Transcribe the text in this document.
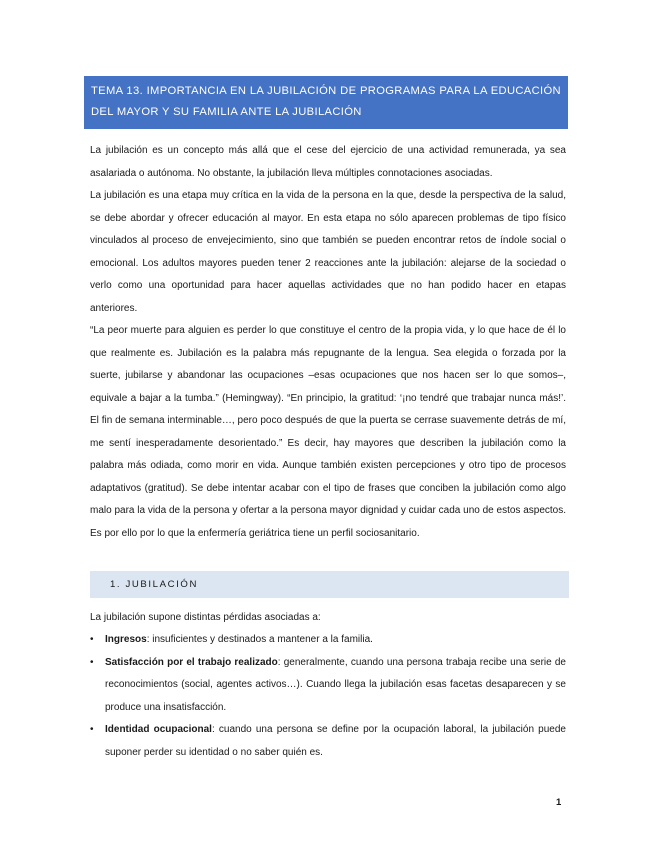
TEMA 13. IMPORTANCIA EN LA JUBILACIÓN DE PROGRAMAS PARA LA EDUCACIÓN DEL MAYOR Y SU FAMILIA ANTE LA JUBILACIÓN

La jubilación es un concepto más allá que el cese del ejercicio de una actividad remunerada, ya sea asalariada o autónoma. No obstante, la jubilación lleva múltiples connotaciones asociadas.

La jubilación es una etapa muy crítica en la vida de la persona en la que, desde la perspectiva de la salud, se debe abordar y ofrecer educación al mayor. En esta etapa no sólo aparecen problemas de tipo físico vinculados al proceso de envejecimiento, sino que también se pueden encontrar retos de índole social o emocional. Los adultos mayores pueden tener 2 reacciones ante la jubilación: alejarse de la sociedad o verlo como una oportunidad para hacer aquellas actividades que no han podido hacer en etapas anteriores.

“La peor muerte para alguien es perder lo que constituye el centro de la propia vida, y lo que hace de él lo que realmente es. Jubilación es la palabra más repugnante de la lengua. Sea elegida o forzada por la suerte, jubilarse y abandonar las ocupaciones –esas ocupaciones que nos hacen ser lo que somos–, equivale a bajar a la tumba.” (Hemingway). “En principio, la gratitud: ‘¡no tendré que trabajar nunca más!’. El fin de semana interminable…, pero poco después de que la puerta se cerrase suavemente detrás de mí, me sentí inesperadamente desorientado.” Es decir, hay mayores que describen la jubilación como la palabra más odiada, como morir en vida. Aunque también existen percepciones y otro tipo de procesos adaptativos (gratitud). Se debe intentar acabar con el tipo de frases que conciben la jubilación como algo malo para la vida de la persona y ofertar a la persona mayor dignidad y cuidar cada uno de estos aspectos. Es por ello por lo que la enfermería geriátrica tiene un perfil sociosanitario.

1. JUBILACIÓN

La jubilación supone distintas pérdidas asociadas a:

• Ingresos: insuficientes y destinados a mantener a la familia.
• Satisfacción por el trabajo realizado: generalmente, cuando una persona trabaja recibe una serie de reconocimientos (social, agentes activos…). Cuando llega la jubilación esas facetas desaparecen y se produce una insatisfacción.
• Identidad ocupacional: cuando una persona se define por la ocupación laboral, la jubilación puede suponer perder su identidad o no saber quién es.
1
